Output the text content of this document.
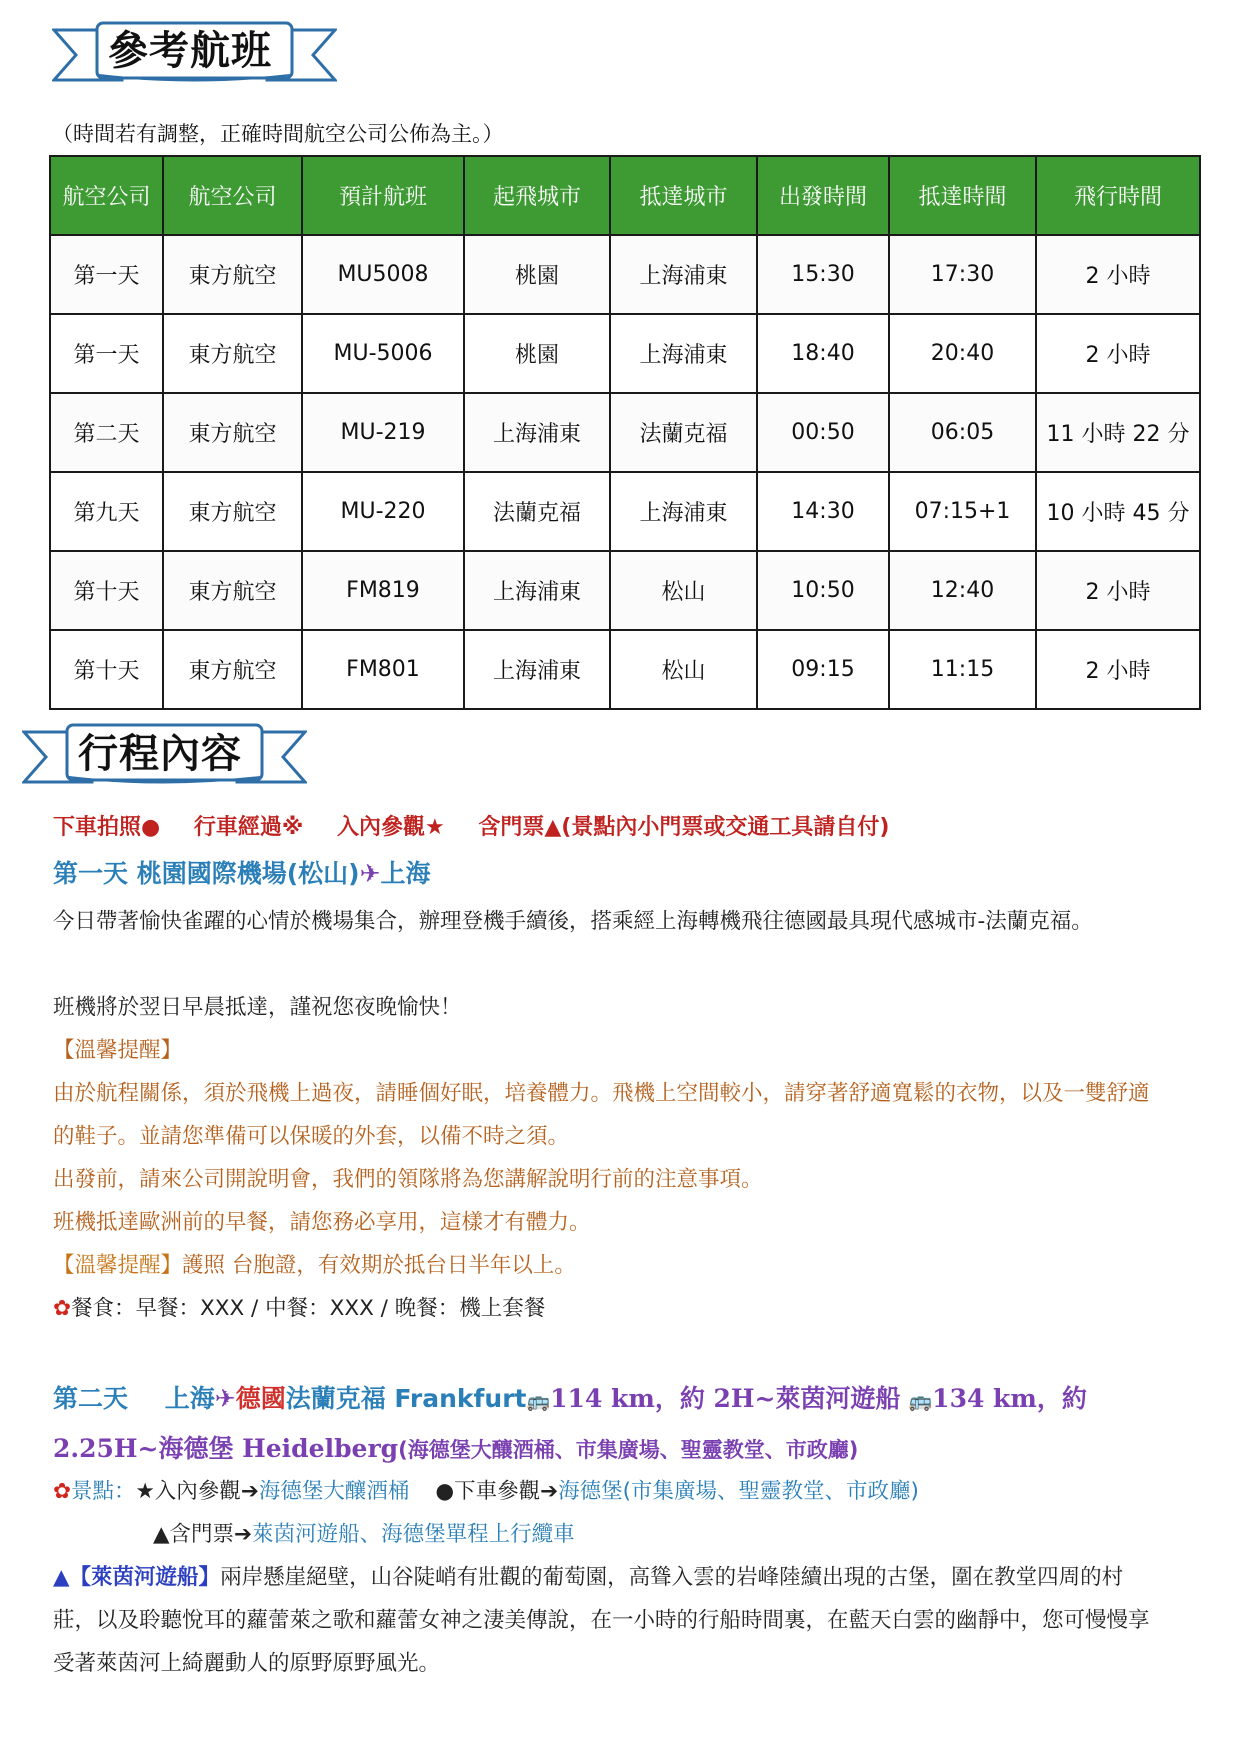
參考航班
（時間若有調整，正確時間航空公司公佈為主。）
航空公司	航空公司	預計航班	起飛城市	抵達城市	出發時間	抵達時間	飛行時間
第一天	東方航空	MU5008	桃園	上海浦東	15:30	17:30	2 小時
第一天	東方航空	MU-5006	桃園	上海浦東	18:40	20:40	2 小時
第二天	東方航空	MU-219	上海浦東	法蘭克福	00:50	06:05	11 小時 22 分
第九天	東方航空	MU-220	法蘭克福	上海浦東	14:30	07:15+1	10 小時 45 分
第十天	東方航空	FM819	上海浦東	松山	10:50	12:40	2 小時
第十天	東方航空	FM801	上海浦東	松山	09:15	11:15	2 小時
行程內容
下車拍照● 行車經過※ 入內參觀★ 含門票▲(景點內小門票或交通工具請自付)
第一天 桃園國際機場(松山)✈上海
今日帶著愉快雀躍的心情於機場集合，辦理登機手續後，搭乘經上海轉機飛往德國最具現代感城市-法蘭克福。
班機將於翌日早晨抵達，謹祝您夜晚愉快！
【溫馨提醒】
由於航程關係，須於飛機上過夜，請睡個好眠，培養體力。飛機上空間較小，請穿著舒適寬鬆的衣物，以及一雙舒適的鞋子。並請您準備可以保暖的外套，以備不時之須。
出發前，請來公司開說明會，我們的領隊將為您講解說明行前的注意事項。
班機抵達歐洲前的早餐，請您務必享用，這樣才有體力。
【溫馨提醒】護照 台胞證，有效期於抵台日半年以上。
✿餐食：早餐：XXX / 中餐：XXX / 晚餐：機上套餐
第二天 上海✈德國法蘭克福 Frankfurt🚌114 km，約 2H~萊茵河遊船 🚌134 km，約
2.25H~海德堡 Heidelberg(海德堡大釀酒桶、市集廣場、聖靈教堂、市政廳)
✿景點：★入內參觀➔海德堡大釀酒桶 ●下車參觀➔海德堡(市集廣場、聖靈教堂、市政廳)
▲含門票➔萊茵河遊船、海德堡單程上行纜車
▲【萊茵河遊船】兩岸懸崖絕壁，山谷陡峭有壯觀的葡萄園，高聳入雲的岩峰陸續出現的古堡，圍在教堂四周的村莊，以及聆聽悅耳的蘿蕾萊之歌和蘿蕾女神之淒美傳說，在一小時的行船時間裏，在藍天白雲的幽靜中，您可慢慢享受著萊茵河上綺麗動人的原野原野風光。
